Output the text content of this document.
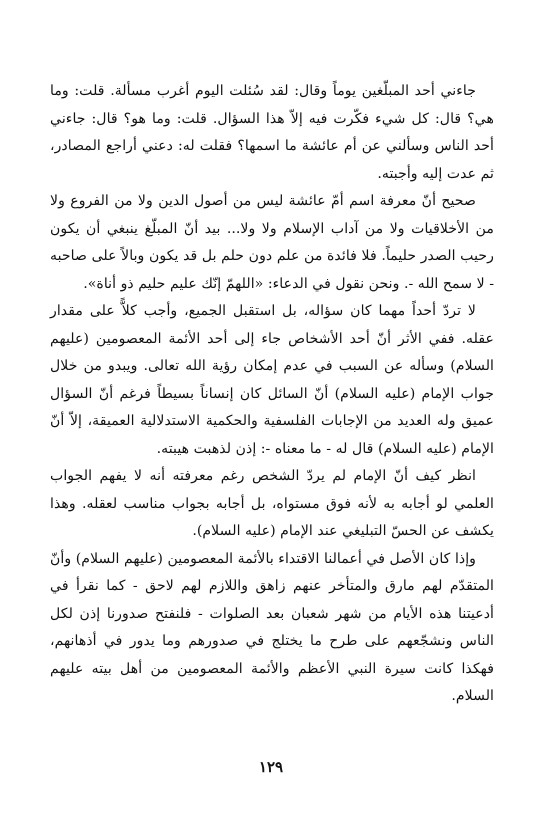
جاءني أحد المبلّغين يوماً وقال: لقد سُئلت اليوم أغرب مسألة. قلت: وما هي؟ قال: كل شيء فكّرت فيه إلاّ هذا السؤال. قلت: وما هو؟ قال: جاءني أحد الناس وسألني عن أم عائشة ما اسمها؟ فقلت له: دعني أراجع المصادر، ثم عدت إليه وأجبته.

صحيح أنّ معرفة اسم أمّ عائشة ليس من أصول الدين ولا من الفروع ولا من الأخلاقيات ولا من آداب الإسلام ولا ولا... بيد أنّ المبلّغ ينبغي أن يكون رحيب الصدر حليماً. فلا فائدة من علم دون حلم بل قد يكون وبالاً على صاحبه - لا سمح الله -. ونحن نقول في الدعاء: «اللهمّ إنّك عليم حليم ذو أناة».

لا تردّ أحداً مهما كان سؤاله، بل استقبل الجميع، وأجب كلاًّ على مقدار عقله. ففي الأثر أنّ أحد الأشخاص جاء إلى أحد الأئمة المعصومين (عليهم السلام) وسأله عن السبب في عدم إمكان رؤية الله تعالى. ويبدو من خلال جواب الإمام (عليه السلام) أنّ السائل كان إنساناً بسيطاً فرغم أنّ السؤال عميق وله العديد من الإجابات الفلسفية والحكمية الاستدلالية العميقة، إلاّ أنّ الإمام (عليه السلام) قال له - ما معناه -: إذن لذهبت هيبته.

انظر كيف أنّ الإمام لم يردّ الشخص رغم معرفته أنه لا يفهم الجواب العلمي لو أجابه به لأنه فوق مستواه، بل أجابه بجواب مناسب لعقله. وهذا يكشف عن الحسّ التبليغي عند الإمام (عليه السلام).

وإذا كان الأصل في أعمالنا الاقتداء بالأئمة المعصومين (عليهم السلام) وأنّ المتقدّم لهم مارق والمتأخر عنهم زاهق واللازم لهم لاحق - كما نقرأ في أدعيتنا هذه الأيام من شهر شعبان بعد الصلوات - فلنفتح صدورنا إذن لكل الناس ونشجّعهم على طرح ما يختلج في صدورهم وما يدور في أذهانهم، فهكذا كانت سيرة النبي الأعظم والأئمة المعصومين من أهل بيته عليهم السلام.

١٢٩
